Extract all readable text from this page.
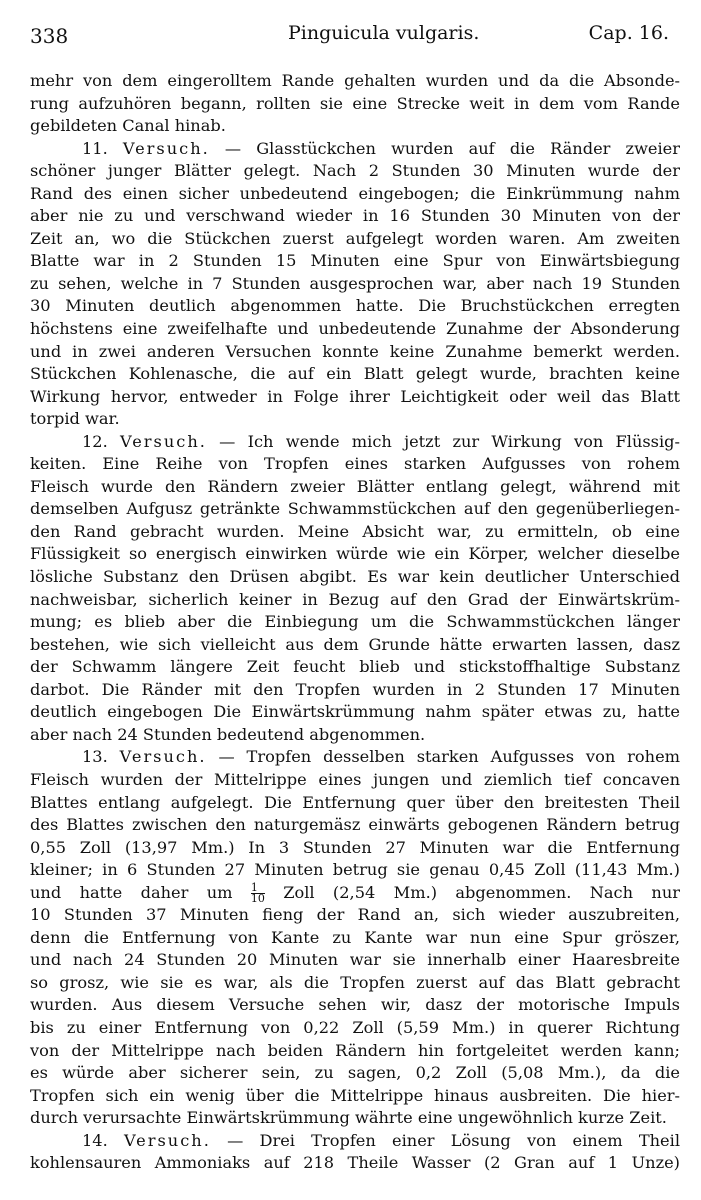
338	Pinguicula vulgaris.	Cap. 16.
mehr von dem eingerolltem Rande gehalten wurden und da die Absonde-
rung aufzuhören begann, rollten sie eine Strecke weit in dem vom Rande
gebildeten Canal hinab.
11. Versuch. — Glasstückchen wurden auf die Ränder zweier
schöner junger Blätter gelegt. Nach 2 Stunden 30 Minuten wurde der
Rand des einen sicher unbedeutend eingebogen; die Einkrümmung nahm
aber nie zu und verschwand wieder in 16 Stunden 30 Minuten von der
Zeit an, wo die Stückchen zuerst aufgelegt worden waren. Am zweiten
Blatte war in 2 Stunden 15 Minuten eine Spur von Einwärtsbiegung
zu sehen, welche in 7 Stunden ausgesprochen war, aber nach 19 Stunden
30 Minuten deutlich abgenommen hatte. Die Bruchstückchen erregten
höchstens eine zweifelhafte und unbedeutende Zunahme der Absonderung
und in zwei anderen Versuchen konnte keine Zunahme bemerkt werden.
Stückchen Kohlenasche, die auf ein Blatt gelegt wurde, brachten keine
Wirkung hervor, entweder in Folge ihrer Leichtigkeit oder weil das Blatt
torpid war.
12. Versuch. — Ich wende mich jetzt zur Wirkung von Flüssig-
keiten. Eine Reihe von Tropfen eines starken Aufgusses von rohem
Fleisch wurde den Rändern zweier Blätter entlang gelegt, während mit
demselben Aufgusz getränkte Schwammstückchen auf den gegenüberliegen-
den Rand gebracht wurden. Meine Absicht war, zu ermitteln, ob eine
Flüssigkeit so energisch einwirken würde wie ein Körper, welcher dieselbe
lösliche Substanz den Drüsen abgibt. Es war kein deutlicher Unterschied
nachweisbar, sicherlich keiner in Bezug auf den Grad der Einwärtskrüm-
mung; es blieb aber die Einbiegung um die Schwammstückchen länger
bestehen, wie sich vielleicht aus dem Grunde hätte erwarten lassen, dasz
der Schwamm längere Zeit feucht blieb und stickstoffhaltige Substanz
darbot. Die Ränder mit den Tropfen wurden in 2 Stunden 17 Minuten
deutlich eingebogen Die Einwärtskrümmung nahm später etwas zu, hatte
aber nach 24 Stunden bedeutend abgenommen.
13. Versuch. — Tropfen desselben starken Aufgusses von rohem
Fleisch wurden der Mittelrippe eines jungen und ziemlich tief concaven
Blattes entlang aufgelegt. Die Entfernung quer über den breitesten Theil
des Blattes zwischen den naturgemäsz einwärts gebogenen Rändern betrug
0,55 Zoll (13,97 Mm.) In 3 Stunden 27 Minuten war die Entfernung
kleiner; in 6 Stunden 27 Minuten betrug sie genau 0,45 Zoll (11,43 Mm.)
und hatte daher um $\frac{1}{10}$ Zoll (2,54 Mm.) abgenommen. Nach nur
10 Stunden 37 Minuten fieng der Rand an, sich wieder auszubreiten,
denn die Entfernung von Kante zu Kante war nun eine Spur gröszer,
und nach 24 Stunden 20 Minuten war sie innerhalb einer Haaresbreite
so grosz, wie sie es war, als die Tropfen zuerst auf das Blatt gebracht
wurden. Aus diesem Versuche sehen wir, dasz der motorische Impuls
bis zu einer Entfernung von 0,22 Zoll (5,59 Mm.) in querer Richtung
von der Mittelrippe nach beiden Rändern hin fortgeleitet werden kann;
es würde aber sicherer sein, zu sagen, 0,2 Zoll (5,08 Mm.), da die
Tropfen sich ein wenig über die Mittelrippe hinaus ausbreiten. Die hier-
durch verursachte Einwärtskrümmung währte eine ungewöhnlich kurze Zeit.
14. Versuch. — Drei Tropfen einer Lösung von einem Theil
kohlensauren Ammoniaks auf 218 Theile Wasser (2 Gran auf 1 Unze)
